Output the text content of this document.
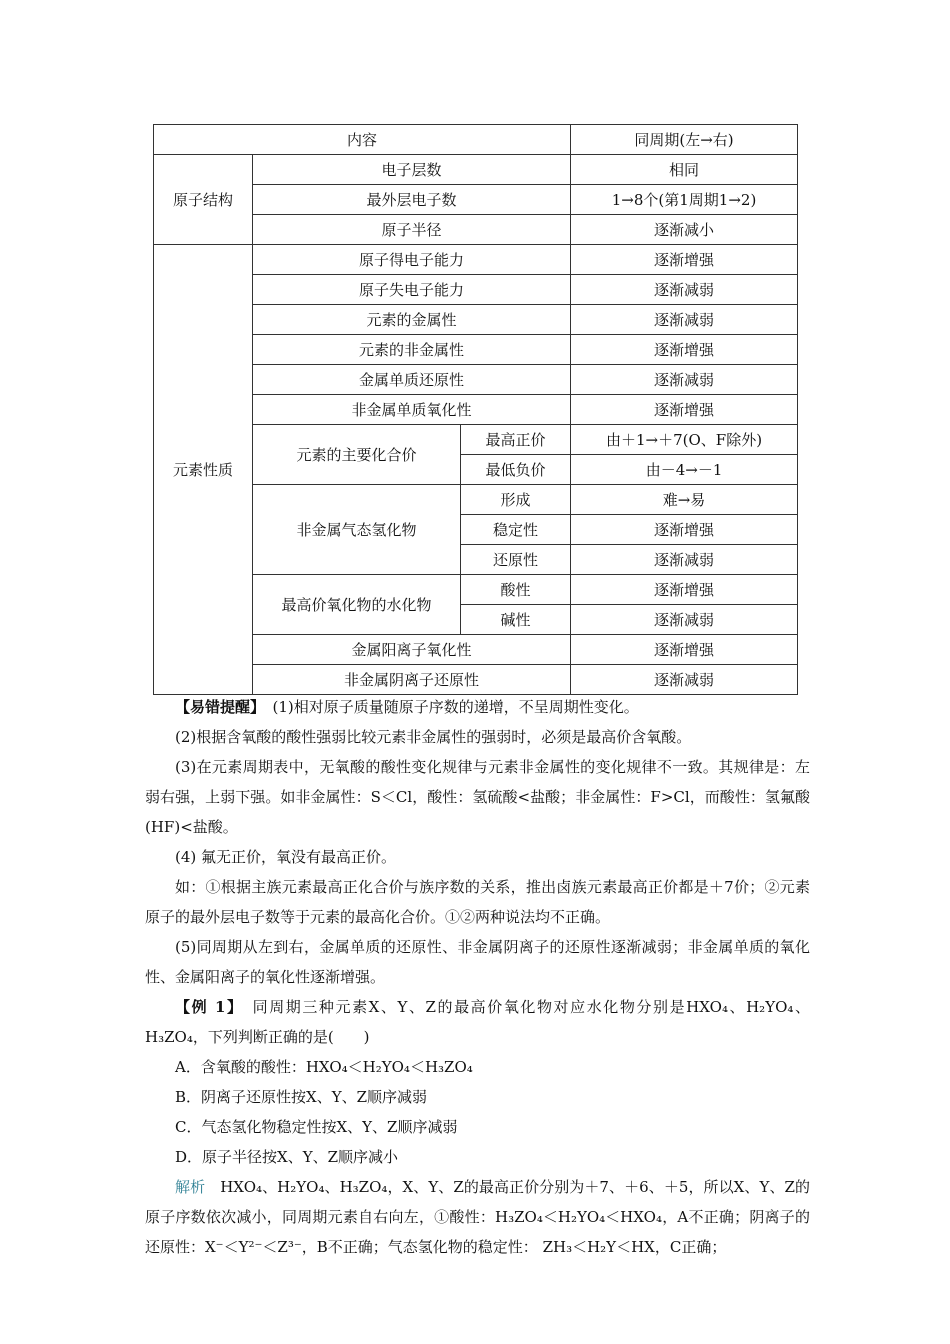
内容			同周期(左→右)
原子结构	电子层数		相同
	最外层电子数		1→8个(第1周期1→2)
	原子半径		逐渐减小
元素性质	原子得电子能力		逐渐增强
	原子失电子能力		逐渐减弱
	元素的金属性		逐渐减弱
	元素的非金属性		逐渐增强
	金属单质还原性		逐渐减弱
	非金属单质氧化性		逐渐增强
	元素的主要化合价	最高正价	由＋1→＋7(O、F除外)
		最低负价	由－4→－1
	非金属气态氢化物	形成	难→易
		稳定性	逐渐增强
		还原性	逐渐减弱
	最高价氧化物的水化物	酸性	逐渐增强
		碱性	逐渐减弱
	金属阳离子氧化性		逐渐增强
	非金属阴离子还原性		逐渐减弱

【易错提醒】　 (1)相对原子质量随原子序数的递增，不呈周期性变化。

(2)根据含氧酸的酸性强弱比较元素非金属性的强弱时，必须是最高价含氧酸。

(3)在元素周期表中，无氧酸的酸性变化规律与元素非金属性的变化规律不一致。其规律是：左弱右强，上弱下强。如非金属性：S＜Cl，酸性：氢硫酸<盐酸；非金属性：F>Cl，而酸性：氢氟酸(HF)<盐酸。

(4) 氟无正价，氧没有最高正价。

如：①根据主族元素最高正化合价与族序数的关系，推出卤族元素最高正价都是＋7价；②元素原子的最外层电子数等于元素的最高化合价。①②两种说法均不正确。

(5)同周期从左到右，金属单质的还原性、非金属阴离子的还原性逐渐减弱；非金属单质的氧化性、金属阳离子的氧化性逐渐增强。

【例 1】　 同周期三种元素X、Y、Z的最高价氧化物对应水化物分别是HXO₄、H₂YO₄、H₃ZO₄，下列判断正确的是(　　)

A．含氧酸的酸性：HXO₄＜H₂YO₄＜H₃ZO₄

B．阴离子还原性按X、Y、Z顺序减弱

C．气态氢化物稳定性按X、Y、Z顺序减弱

D．原子半径按X、Y、Z顺序减小

解析　 HXO₄、H₂YO₄、H₃ZO₄，X、Y、Z的最高正价分别为＋7、＋6、＋5，所以X、Y、Z的原子序数依次减小，同周期元素自右向左，①酸性：H₃ZO₄＜H₂YO₄＜HXO₄，A不正确；阴离子的还原性：X⁻＜Y²⁻＜Z³⁻，B不正确；气态氢化物的稳定性： ZH₃＜H₂Y＜HX，C正确；
